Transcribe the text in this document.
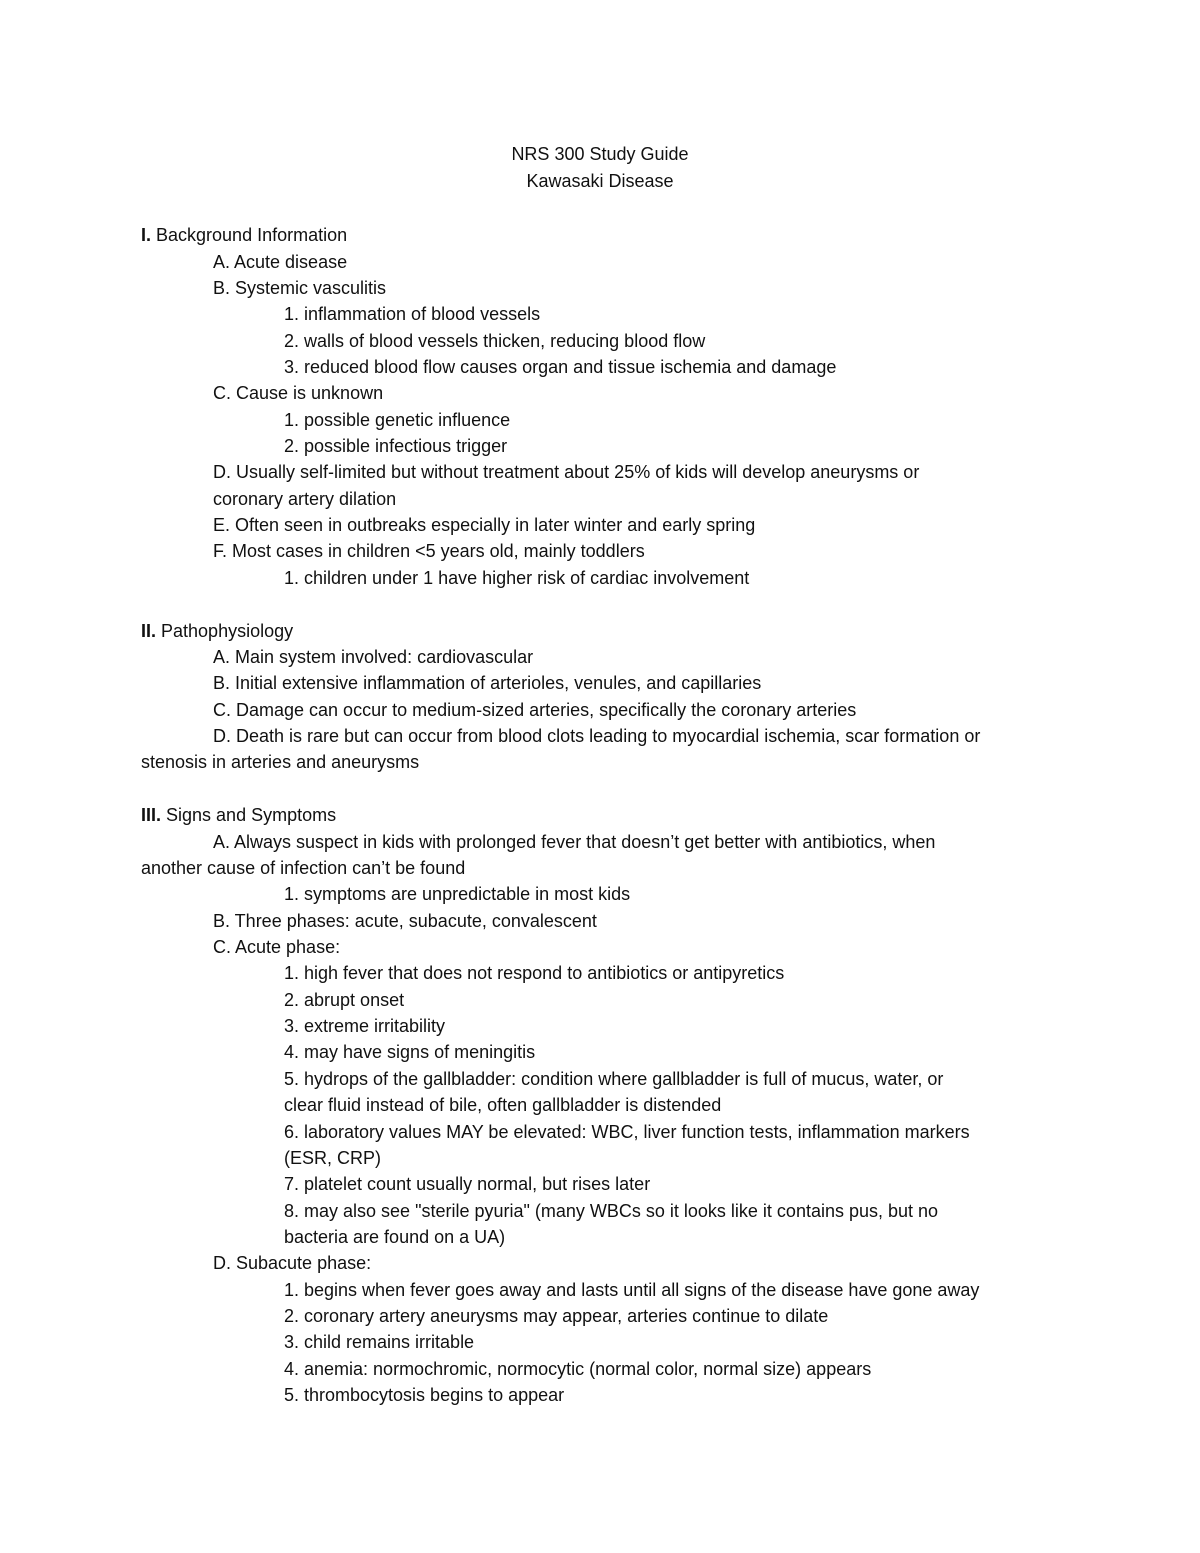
NRS 300 Study Guide
Kawasaki Disease
I. Background Information
A. Acute disease
B. Systemic vasculitis
1. inflammation of blood vessels
2. walls of blood vessels thicken, reducing blood flow
3. reduced blood flow causes organ and tissue ischemia and damage
C. Cause is unknown
1. possible genetic influence
2. possible infectious trigger
D. Usually self-limited but without treatment about 25% of kids will develop aneurysms or
coronary artery dilation
E. Often seen in outbreaks especially in later winter and early spring
F. Most cases in children <5 years old, mainly toddlers
1. children under 1 have higher risk of cardiac involvement
II. Pathophysiology
A. Main system involved: cardiovascular
B. Initial extensive inflammation of arterioles, venules, and capillaries
C. Damage can occur to medium-sized arteries, specifically the coronary arteries
D. Death is rare but can occur from blood clots leading to myocardial ischemia, scar formation or
stenosis in arteries and aneurysms
III. Signs and Symptoms
A. Always suspect in kids with prolonged fever that doesn’t get better with antibiotics, when
another cause of infection can’t be found
1. symptoms are unpredictable in most kids
B. Three phases: acute, subacute, convalescent
C. Acute phase:
1. high fever that does not respond to antibiotics or antipyretics
2. abrupt onset
3. extreme irritability
4. may have signs of meningitis
5. hydrops of the gallbladder: condition where gallbladder is full of mucus, water, or
clear fluid instead of bile, often gallbladder is distended
6. laboratory values MAY be elevated: WBC, liver function tests, inflammation markers
(ESR, CRP)
7. platelet count usually normal, but rises later
8. may also see "sterile pyuria" (many WBCs so it looks like it contains pus, but no
bacteria are found on a UA)
D. Subacute phase:
1. begins when fever goes away and lasts until all signs of the disease have gone away
2. coronary artery aneurysms may appear, arteries continue to dilate
3. child remains irritable
4. anemia: normochromic, normocytic (normal color, normal size) appears
5. thrombocytosis begins to appear
